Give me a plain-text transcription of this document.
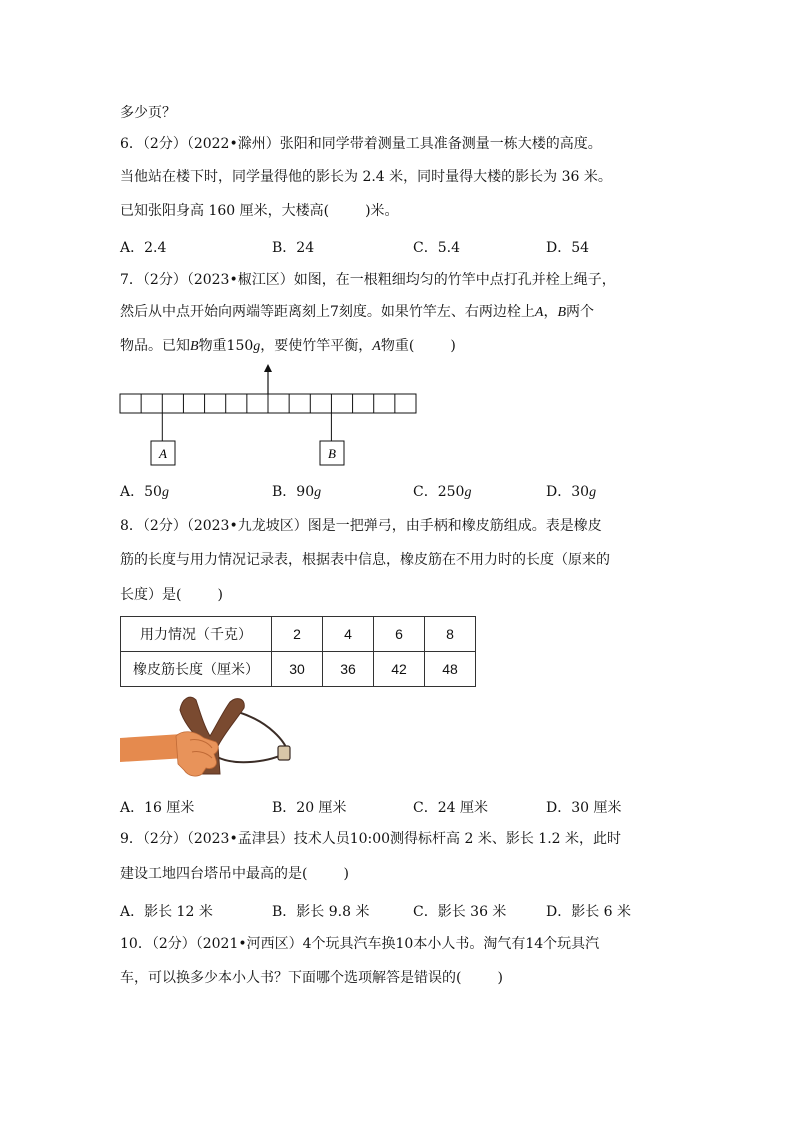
多少页？
6．（2分）（2022•滁州）张阳和同学带着测量工具准备测量一栋大楼的高度。
当他站在楼下时，同学量得他的影长为 2.4 米，同时量得大楼的影长为 36 米。
已知张阳身高 160 厘米，大楼高(	)米。
A．2.4	B．24	C．5.4	D．54
7．（2分）（2023•椒江区）如图，在一根粗细均匀的竹竿中点打孔并栓上绳子，
然后从中点开始向两端等距离刻上7刻度。如果竹竿左、右两边栓上A，B两个
物品。已知B物重150g，要使竹竿平衡，A物重(	)
A	B
A．50g	B．90g	C．250g	D．30g
8．（2分）（2023•九龙坡区）图是一把弹弓，由手柄和橡皮筋组成。表是橡皮
筋的长度与用力情况记录表，根据表中信息，橡皮筋在不用力时的长度（原来的
长度）是(	)
用力情况（千克）	2	4	6	8
橡皮筋长度（厘米）	30	36	42	48
A．16 厘米	B．20 厘米	C．24 厘米	D．30 厘米
9．（2分）（2023•孟津县）技术人员10:00测得标杆高 2 米、影长 1.2 米，此时
建设工地四台塔吊中最高的是(	)
A．影长 12 米	B．影长 9.8 米	C．影长 36 米	D．影长 6 米
10．（2分）（2021•河西区）4个玩具汽车换10本小人书。淘气有14个玩具汽
车，可以换多少本小人书？下面哪个选项解答是错误的(	)
